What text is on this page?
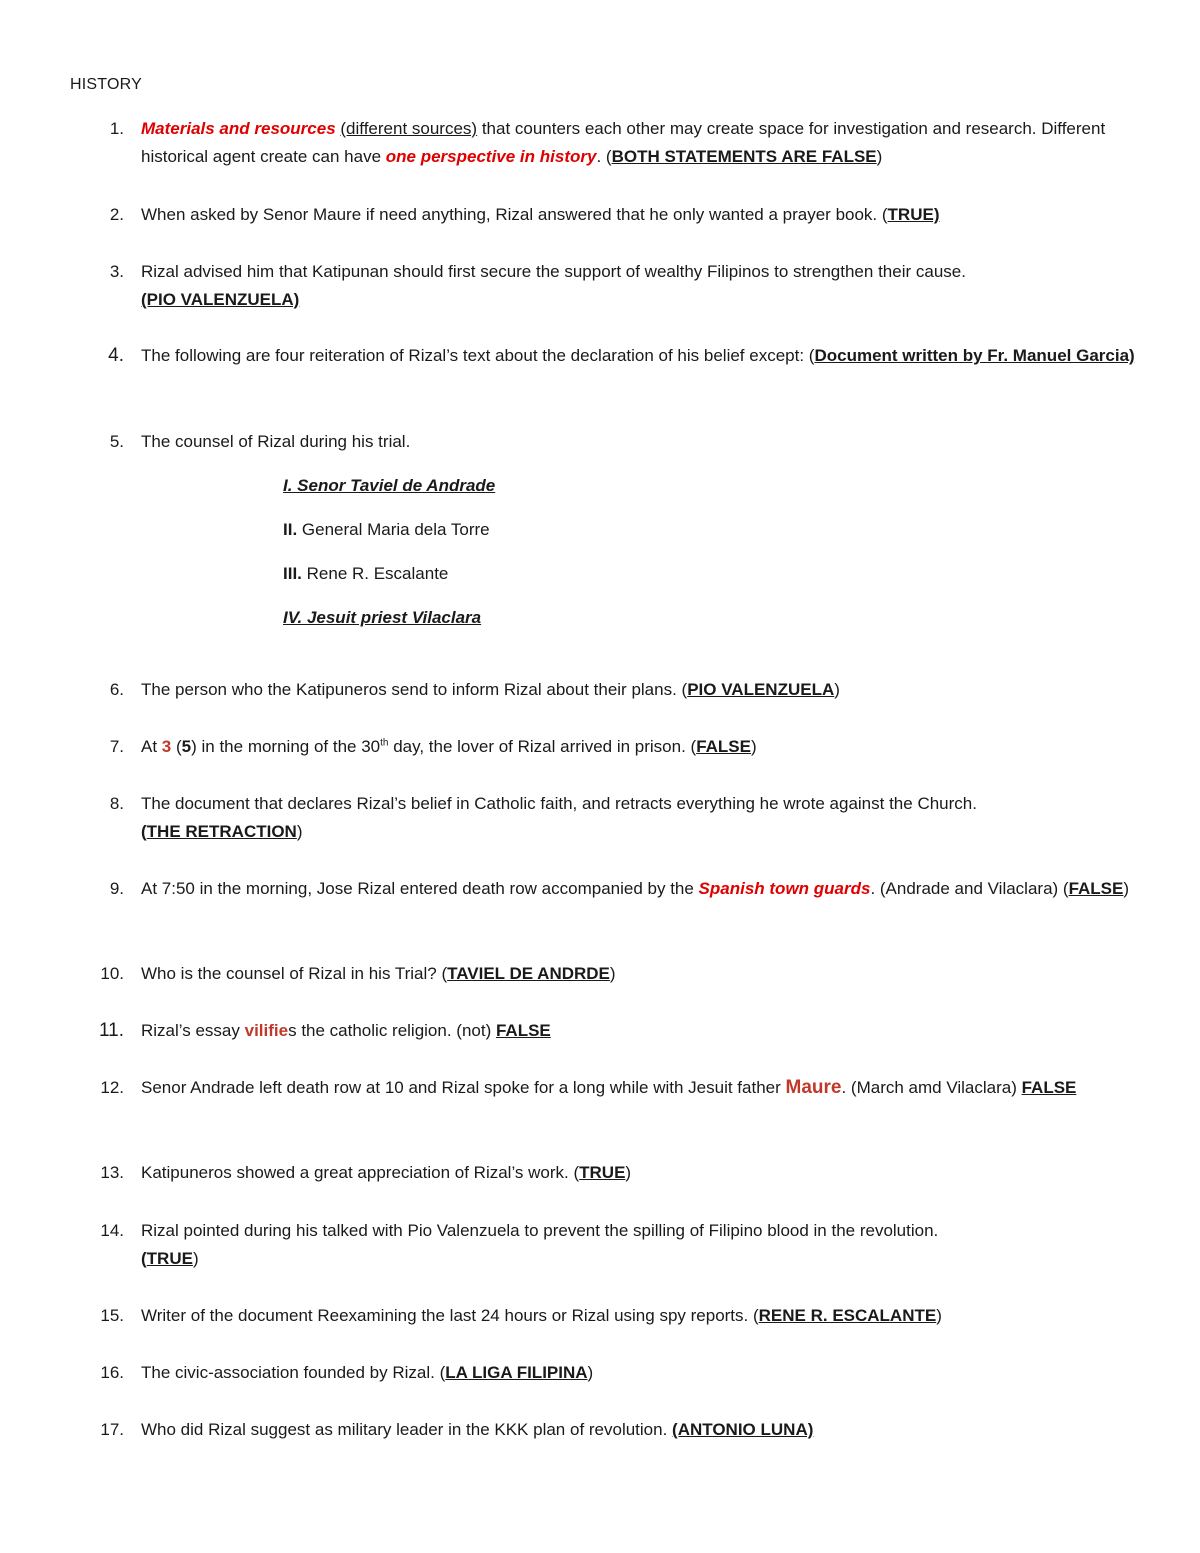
HISTORY
1. Materials and resources (different sources) that counters each other may create space for investigation and research. Different historical agent create can have one perspective in history. (BOTH STATEMENTS ARE FALSE)
2. When asked by Senor Maure if need anything, Rizal answered that he only wanted a prayer book. (TRUE)
3. Rizal advised him that Katipunan should first secure the support of wealthy Filipinos to strengthen their cause.
(PIO VALENZUELA)
4. The following are four reiteration of Rizal’s text about the declaration of his belief except: (Document written by Fr. Manuel Garcia)
5. The counsel of Rizal during his trial.
I. Senor Taviel de Andrade
II. General Maria dela Torre
III. Rene R. Escalante
IV. Jesuit priest Vilaclara
6. The person who the Katipuneros send to inform Rizal about their plans. (PIO VALENZUELA)
7. At 3 (5) in the morning of the 30th day, the lover of Rizal arrived in prison. (FALSE)
8. The document that declares Rizal’s belief in Catholic faith, and retracts everything he wrote against the Church.
(THE RETRACTION)
9. At 7:50 in the morning, Jose Rizal entered death row accompanied by the Spanish town guards. (Andrade and Vilaclara) (FALSE)
10. Who is the counsel of Rizal in his Trial? (TAVIEL DE ANDRDE)
11. Rizal’s essay vilifies the catholic religion. (not) FALSE
12. Senor Andrade left death row at 10 and Rizal spoke for a long while with Jesuit father Maure. (March amd Vilaclara) FALSE
13. Katipuneros showed a great appreciation of Rizal’s work. (TRUE)
14. Rizal pointed during his talked with Pio Valenzuela to prevent the spilling of Filipino blood in the revolution.
(TRUE)
15. Writer of the document Reexamining the last 24 hours or Rizal using spy reports. (RENE R. ESCALANTE)
16. The civic-association founded by Rizal. (LA LIGA FILIPINA)
17. Who did Rizal suggest as military leader in the KKK plan of revolution. (ANTONIO LUNA)
